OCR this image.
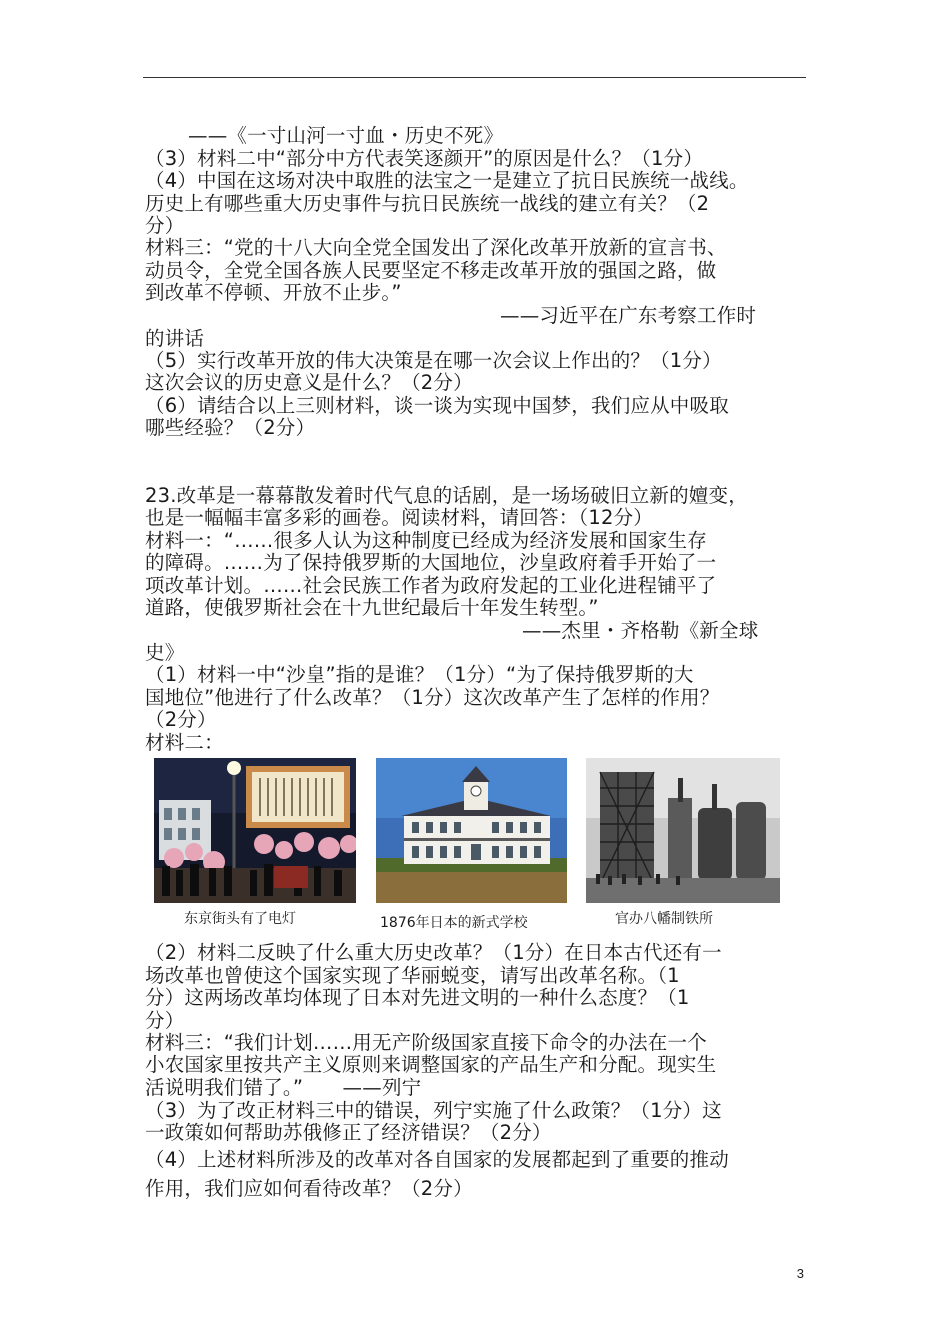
——《一寸山河一寸血・历史不死》
（3）材料二中“部分中方代表笑逐颜开”的原因是什么？（1分）
（4）中国在这场对决中取胜的法宝之一是建立了抗日民族统一战线。
历史上有哪些重大历史事件与抗日民族统一战线的建立有关？（2
分）
材料三：“党的十八大向全党全国发出了深化改革开放新的宣言书、
动员令，全党全国各族人民要坚定不移走改革开放的强国之路，做
到改革不停顿、开放不止步。”
——习近平在广东考察工作时
的讲话
（5）实行改革开放的伟大决策是在哪一次会议上作出的？（1分）
这次会议的历史意义是什么？（2分）
（6）请结合以上三则材料，谈一谈为实现中国梦，我们应从中吸取
哪些经验？（2分）
23.改革是一幕幕散发着时代气息的话剧，是一场场破旧立新的嬗变，
也是一幅幅丰富多彩的画卷。阅读材料，请回答：（12分）
材料一：“……很多人认为这种制度已经成为经济发展和国家生存
的障碍。……为了保持俄罗斯的大国地位，沙皇政府着手开始了一
项改革计划。……社会民族工作者为政府发起的工业化进程铺平了
道路，使俄罗斯社会在十九世纪最后十年发生转型。”
——杰里・齐格勒《新全球
史》
（1）材料一中“沙皇”指的是谁？（1分）“为了保持俄罗斯的大
国地位”他进行了什么改革？（1分）这次改革产生了怎样的作用？
（2分）
材料二：
东京街头有了电灯	1876年日本的新式学校	官办八幡制铁所
（2）材料二反映了什么重大历史改革？（1分）在日本古代还有一
场改革也曾使这个国家实现了华丽蜕变，请写出改革名称。（1
分）这两场改革均体现了日本对先进文明的一种什么态度？（1
分）
材料三：“我们计划……用无产阶级国家直接下命令的办法在一个
小农国家里按共产主义原则来调整国家的产品生产和分配。现实生
活说明我们错了。”　　——列宁
（3）为了改正材料三中的错误，列宁实施了什么政策？（1分）这
一政策如何帮助苏俄修正了经济错误？（2分）
（4）上述材料所涉及的改革对各自国家的发展都起到了重要的推动
作用，我们应如何看待改革？（2分）
3
